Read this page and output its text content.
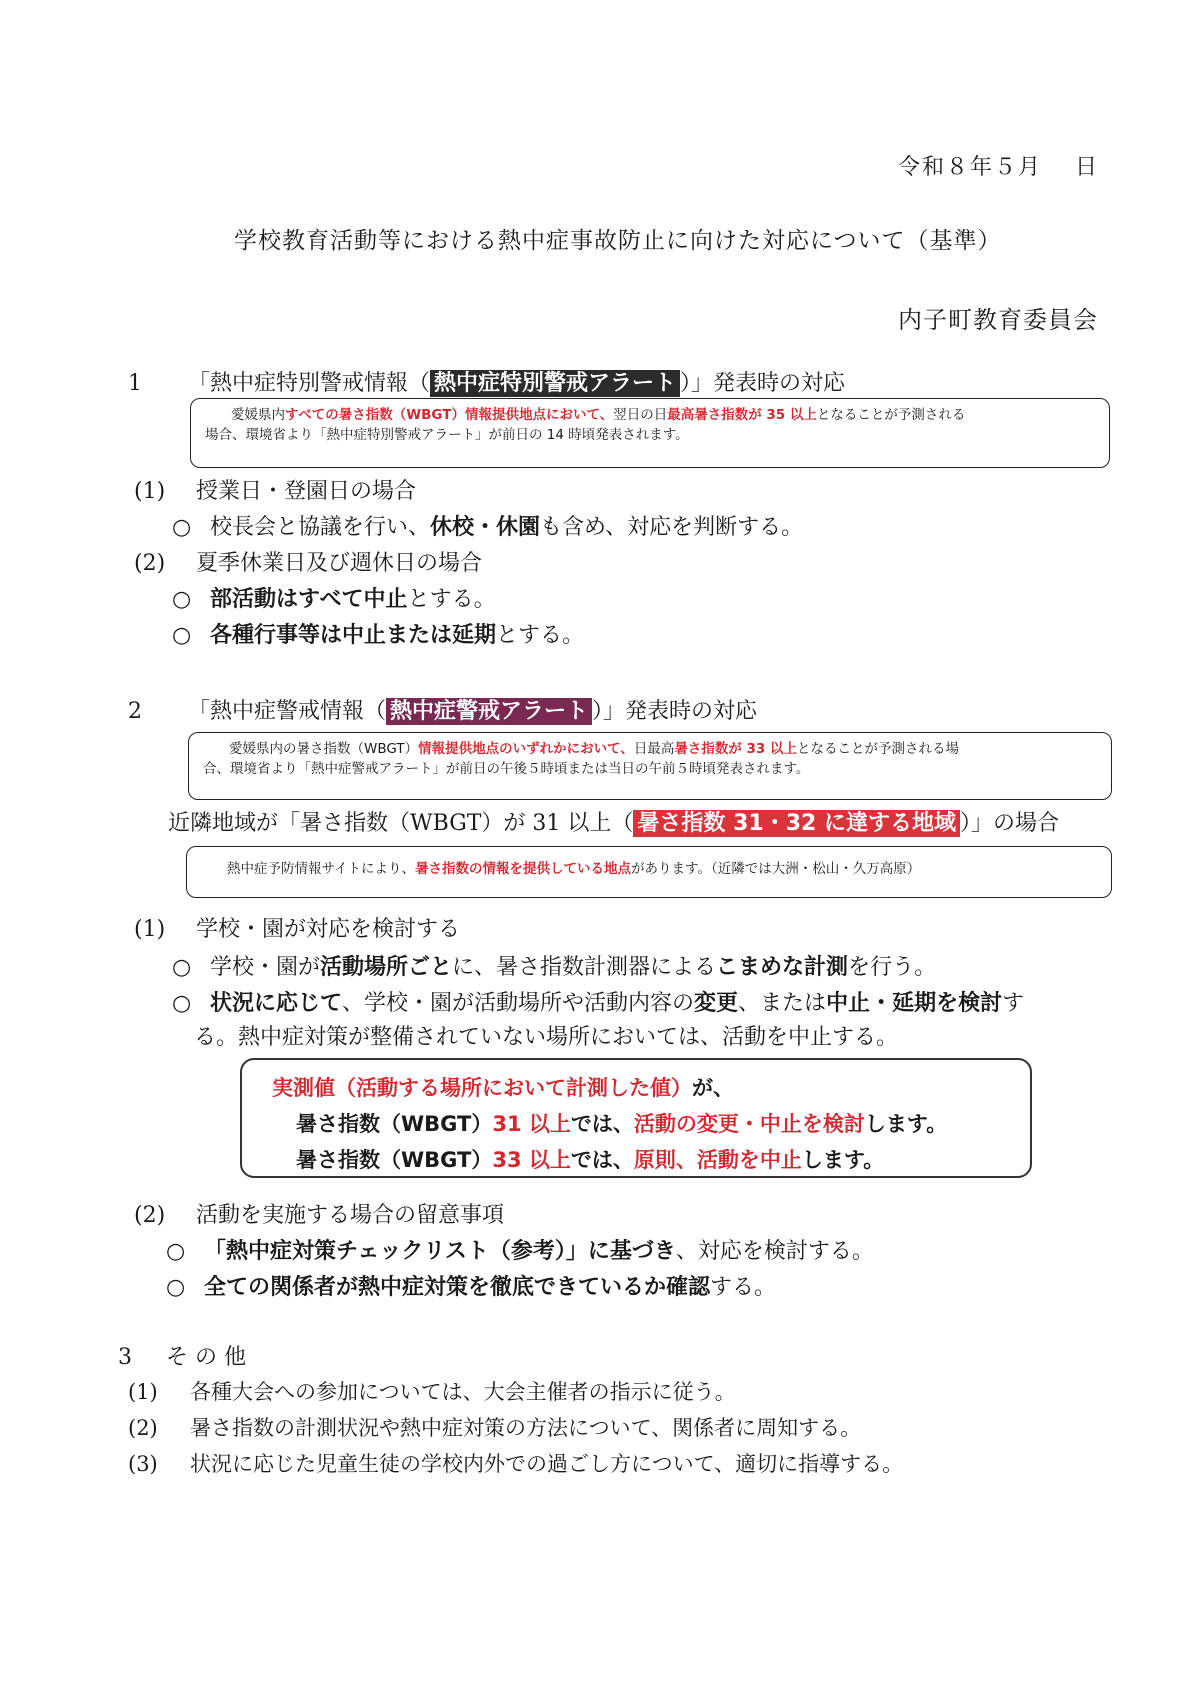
令和８年５月　 日
学校教育活動等における熱中症事故防止に向けた対応について（基準）
内子町教育委員会
1 「熱中症特別警戒情報（ 熱中症特別警戒アラート ）」発表時の対応
愛媛県内すべての暑さ指数（WBGT）情報提供地点において、翌日の日最高暑さ指数が 35 以上となることが予測される
場合、環境省より「熱中症特別警戒アラート」が前日の 14 時頃発表されます。
(1) 授業日・登園日の場合
○ 校長会と協議を行い、休校・休園も含め、対応を判断する。
(2) 夏季休業日及び週休日の場合
○ 部活動はすべて中止とする。
○ 各種行事等は中止または延期とする。
2 「熱中症警戒情報（ 熱中症警戒アラート ）」発表時の対応
愛媛県内の暑さ指数（WBGT）情報提供地点のいずれかにおいて、日最高暑さ指数が 33 以上となることが予測される場
合、環境省より「熱中症警戒アラート」が前日の午後５時頃または当日の午前５時頃発表されます。
近隣地域が「暑さ指数（WBGT）が 31 以上（ 暑さ指数 31・32 に達する地域 ）」の場合
熱中症予防情報サイトにより、暑さ指数の情報を提供している地点があります。（近隣では大洲・松山・久万高原）
(1) 学校・園が対応を検討する
○ 学校・園が活動場所ごとに、暑さ指数計測器によるこまめな計測を行う。
○ 状況に応じて、学校・園が活動場所や活動内容の変更、または中止・延期を検討す
る。熱中症対策が整備されていない場所においては、活動を中止する。
実測値（活動する場所において計測した値）が、
暑さ指数（WBGT）31 以上では、活動の変更・中止を検討します。
暑さ指数（WBGT）33 以上では、原則、活動を中止します。
(2) 活動を実施する場合の留意事項
○ 「熱中症対策チェックリスト（参考）」に基づき、対応を検討する。
○ 全ての関係者が熱中症対策を徹底できているか確認する。
3 そ の 他
(1) 各種大会への参加については、大会主催者の指示に従う。
(2) 暑さ指数の計測状況や熱中症対策の方法について、関係者に周知する。
(3) 状況に応じた児童生徒の学校内外での過ごし方について、適切に指導する。
